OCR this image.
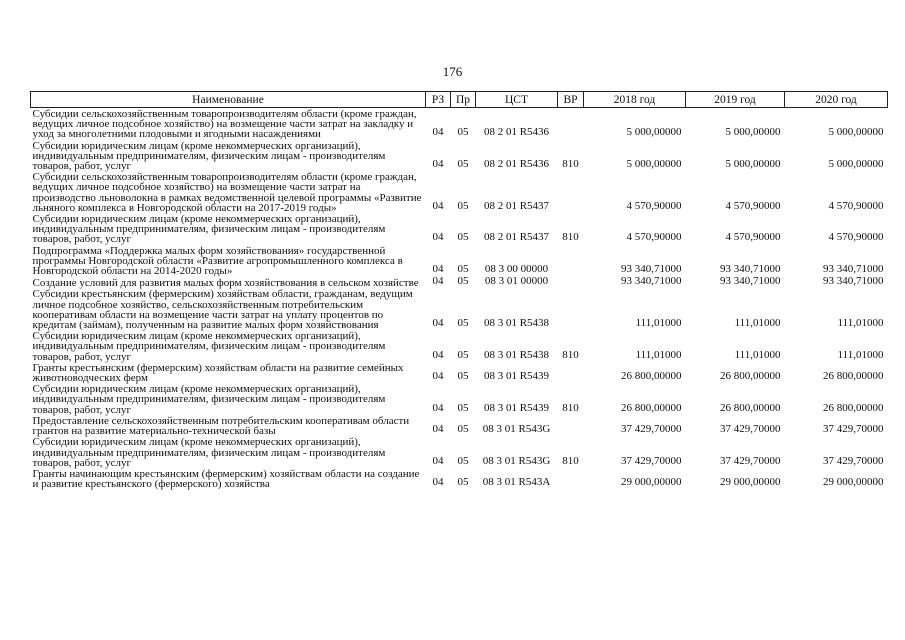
176
Наименование	РЗ	Пр	ЦСТ	ВР	2018 год	2019 год	2020 год
Субсидии сельскохозяйственным товаропроизводителям области (кроме граждан, ведущих личное подсобное хозяйство) на возмещение части затрат на закладку и уход за многолетними плодовыми и ягодными насаждениями	04	05	08 2 01 R5436		5 000,00000	5 000,00000	5 000,00000
Субсидии юридическим лицам (кроме некоммерческих организаций), индивидуальным предпринимателям, физическим лицам - производителям товаров, работ, услуг	04	05	08 2 01 R5436	810	5 000,00000	5 000,00000	5 000,00000
Субсидии сельскохозяйственным товаропроизводителям области (кроме граждан, ведущих личное подсобное хозяйство) на возмещение части затрат на производство льноволокна в рамках ведомственной целевой программы «Развитие льняного комплекса в Новгородской области на 2017-2019 годы»	04	05	08 2 01 R5437		4 570,90000	4 570,90000	4 570,90000
Субсидии юридическим лицам (кроме некоммерческих организаций), индивидуальным предпринимателям, физическим лицам - производителям товаров, работ, услуг	04	05	08 2 01 R5437	810	4 570,90000	4 570,90000	4 570,90000
Подпрограмма «Поддержка малых форм хозяйствования» государственной программы Новгородской области «Развитие агропромышленного комплекса в Новгородской области на 2014-2020 годы»	04	05	08 3 00 00000		93 340,71000	93 340,71000	93 340,71000
Создание условий для развития малых форм хозяйствования в сельском хозяйстве	04	05	08 3 01 00000		93 340,71000	93 340,71000	93 340,71000
Субсидии крестьянским (фермерским) хозяйствам области, гражданам, ведущим личное подсобное хозяйство, сельскохозяйственным потребительским кооперативам области на возмещение части затрат на уплату процентов по кредитам (займам), полученным на развитие малых форм хозяйствования	04	05	08 3 01 R5438		111,01000	111,01000	111,01000
Субсидии юридическим лицам (кроме некоммерческих организаций), индивидуальным предпринимателям, физическим лицам - производителям товаров, работ, услуг	04	05	08 3 01 R5438	810	111,01000	111,01000	111,01000
Гранты крестьянским (фермерским) хозяйствам области на развитие семейных животноводческих ферм	04	05	08 3 01 R5439		26 800,00000	26 800,00000	26 800,00000
Субсидии юридическим лицам (кроме некоммерческих организаций), индивидуальным предпринимателям, физическим лицам - производителям товаров, работ, услуг	04	05	08 3 01 R5439	810	26 800,00000	26 800,00000	26 800,00000
Предоставление сельскохозяйственным потребительским кооперативам области грантов на развитие материально-технической базы	04	05	08 3 01 R543G		37 429,70000	37 429,70000	37 429,70000
Субсидии юридическим лицам (кроме некоммерческих организаций), индивидуальным предпринимателям, физическим лицам - производителям товаров, работ, услуг	04	05	08 3 01 R543G	810	37 429,70000	37 429,70000	37 429,70000
Гранты начинающим крестьянским (фермерским) хозяйствам области на создание и развитие крестьянского (фермерского) хозяйства	04	05	08 3 01 R543A		29 000,00000	29 000,00000	29 000,00000
